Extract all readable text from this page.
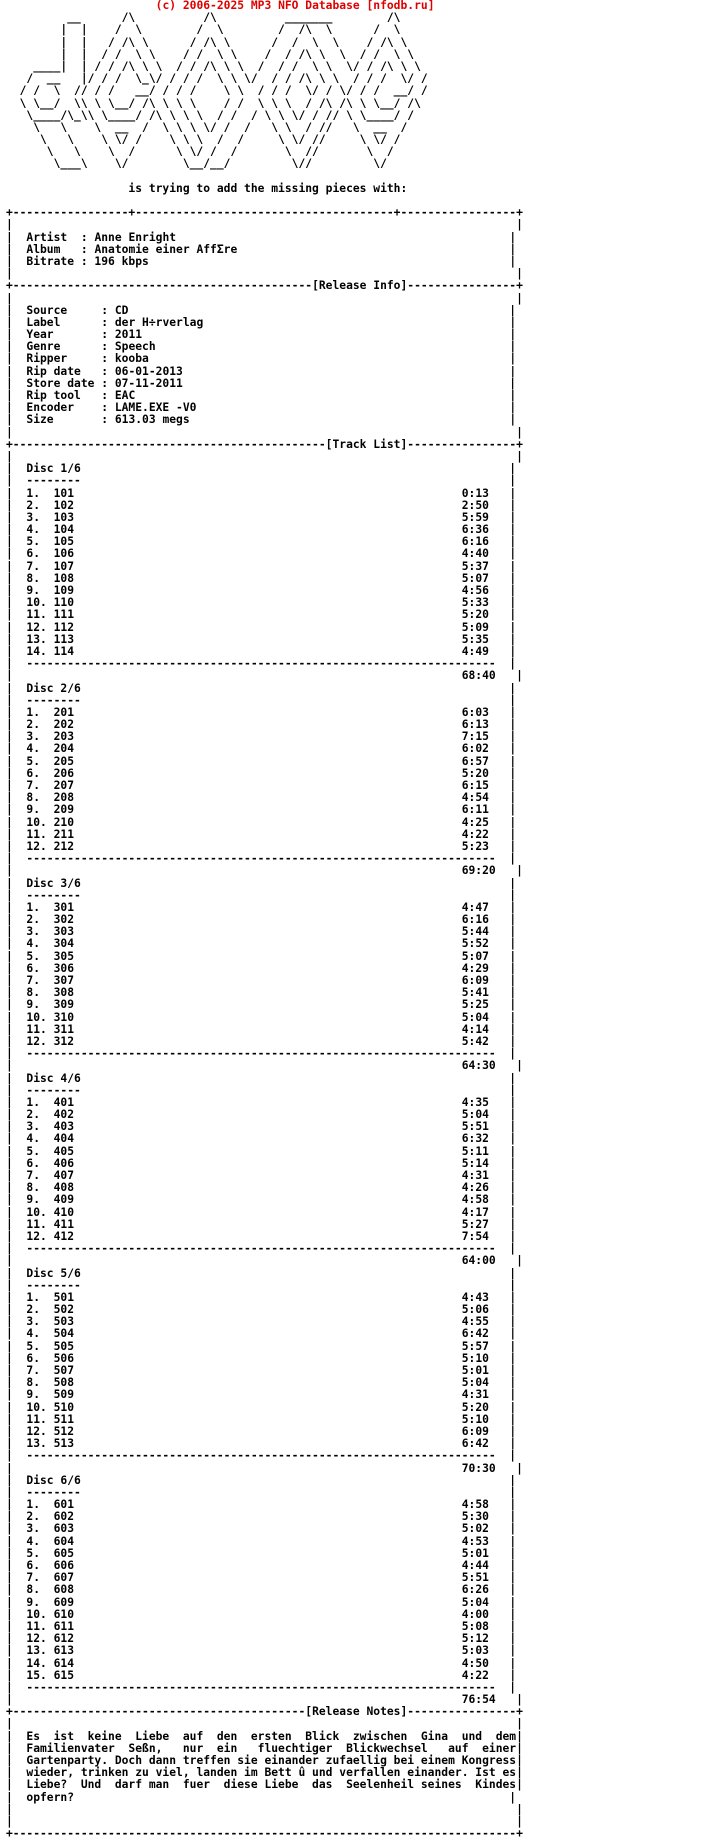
(c) 2006-2025 MP3 NFO Database [nfodb.ru]
__      /\          /\          _______        /\
|  |    /  \        /  \        /  /\  \      /  \
|  |   / /\ \      / /\ \      /  /  \  \    / /\ \
|  |  / /  \ \    / /  \ \    /  / /\ \  \  / /  \ \
____|  | / / /\ \ \  / / /\ \ \  /  / /  \ \  \/ / /\ \ \
/  __   |/ / /  \_\/ / / /  \ \ \/  / / /\ \ \  / / /  \/ /
/ /  \  // / /   __/ / / /    \ \  / / /  \/ / \/ / /  __/ /
\ \__/  \\ \ \__/ /\ \ \ \    / /  \ \ \  / /\ /\ \ \__/ /\
\____/\_\\ \____/ /\ \ \ \  / /  / \ \ \/ / // \ \____/ /
\   \    \  __  /  \ \ \ \/ /  /   \ \  / //   \  __  /
\   \    \ \/ /    \ \ \  /  /     \ \/ //     \ \/ /
\   \    \  /      \ \/ /  /       \  //       \  /
\___\    \/        \__/__/         \//         \/
is trying to add the missing pieces with:
+-----------------+--------------------------------------+-----------------+
|                                                                          |
|  Artist  : Anne Enright                                                 |
|  Album   : Anatomie einer AffΣre                                        |
|  Bitrate : 196 kbps                                                     |
|                                                                          |
+--------------------------------------------[Release Info]----------------+
|                                                                          |
|  Source     : CD                                                        |
|  Label      : der H÷rverlag                                             |
|  Year       : 2011                                                      |
|  Genre      : Speech                                                    |
|  Ripper     : kooba                                                     |
|  Rip date   : 06-01-2013                                                |
|  Store date : 07-11-2011                                                |
|  Rip tool   : EAC                                                       |
|  Encoder    : LAME.EXE -V0                                              |
|  Size       : 613.03 megs                                               |
|                                                                          |
+----------------------------------------------[Track List]----------------+
|                                                                          |
|  Disc 1/6                                                               |
|  --------                                                               |
|  1. 101	0:13   |
|  2. 102	2:50   |
|  3. 103	5:59   |
|  4. 104	6:36   |
|  5. 105	6:16   |
|  6. 106	4:40   |
|  7. 107	5:37   |
|  8. 108	5:07   |
|  9. 109	4:56   |
|  10. 110	5:33   |
|  11. 111	5:20   |
|  12. 112	5:09   |
|  13. 113	5:35   |
|  14. 114	4:49   |
|  ---------------------------------------------------------------------  |
|                                                                  68:40   |
|  Disc 2/6                                                               |
|  --------                                                               |
|  1. 201	6:03   |
|  2. 202	6:13   |
|  3. 203	7:15   |
|  4. 204	6:02   |
|  5. 205	6:57   |
|  6. 206	5:20   |
|  7. 207	6:15   |
|  8. 208	4:54   |
|  9. 209	6:11   |
|  10. 210	4:25   |
|  11. 211	4:22   |
|  12. 212	5:23   |
|  ---------------------------------------------------------------------  |
|                                                                  69:20   |
|  Disc 3/6                                                               |
|  --------                                                               |
|  1. 301	4:47   |
|  2. 302	6:16   |
|  3. 303	5:44   |
|  4. 304	5:52   |
|  5. 305	5:07   |
|  6. 306	4:29   |
|  7. 307	6:09   |
|  8. 308	5:41   |
|  9. 309	5:25   |
|  10. 310	5:04   |
|  11. 311	4:14   |
|  12. 312	5:42   |
|  ---------------------------------------------------------------------  |
|                                                                  64:30   |
|  Disc 4/6                                                               |
|  --------                                                               |
|  1. 401	4:35   |
|  2. 402	5:04   |
|  3. 403	5:51   |
|  4. 404	6:32   |
|  5. 405	5:11   |
|  6. 406	5:14   |
|  7. 407	4:31   |
|  8. 408	4:26   |
|  9. 409	4:58   |
|  10. 410	4:17   |
|  11. 411	5:27   |
|  12. 412	7:54   |
|  ---------------------------------------------------------------------  |
|                                                                  64:00   |
|  Disc 5/6                                                               |
|  --------                                                               |
|  1. 501	4:43   |
|  2. 502	5:06   |
|  3. 503	4:55   |
|  4. 504	6:42   |
|  5. 505	5:57   |
|  6. 506	5:10   |
|  7. 507	5:01   |
|  8. 508	5:04   |
|  9. 509	4:31   |
|  10. 510	5:20   |
|  11. 511	5:10   |
|  12. 512	6:09   |
|  13. 513	6:42   |
|  ---------------------------------------------------------------------  |
|                                                                  70:30   |
|  Disc 6/6                                                               |
|  --------                                                               |
|  1. 601	4:58   |
|  2. 602	5:30   |
|  3. 603	5:02   |
|  4. 604	4:53   |
|  5. 605	5:01   |
|  6. 606	4:44   |
|  7. 607	5:51   |
|  8. 608	6:26   |
|  9. 609	5:04   |
|  10. 610	4:00   |
|  11. 611	5:08   |
|  12. 612	5:12   |
|  13. 613	5:03   |
|  14. 614	4:50   |
|  15. 615	4:22   |
|  ---------------------------------------------------------------------  |
|                                                                  76:54   |
+-------------------------------------------[Release Notes]----------------+
|                                                                          |
|  Es  ist  keine  Liebe  auf  den  ersten  Blick  zwischen  Gina  und  dem|
|  Familienvater  Seßn,   nur  ein   fluechtiger  Blickwechsel   auf  einer|
|  Gartenparty. Doch dann treffen sie einander zufaellig bei einem Kongress|
|  wieder, trinken zu viel, landen im Bett û und verfallen einander. Ist es|
|  Liebe?  Und  darf man  fuer  diese Liebe  das  Seelenheil seines  Kindes|
|  opfern?                                                                |
|                                                                          |
|                                                                          |
+--------------------------------------------------------------------------+
